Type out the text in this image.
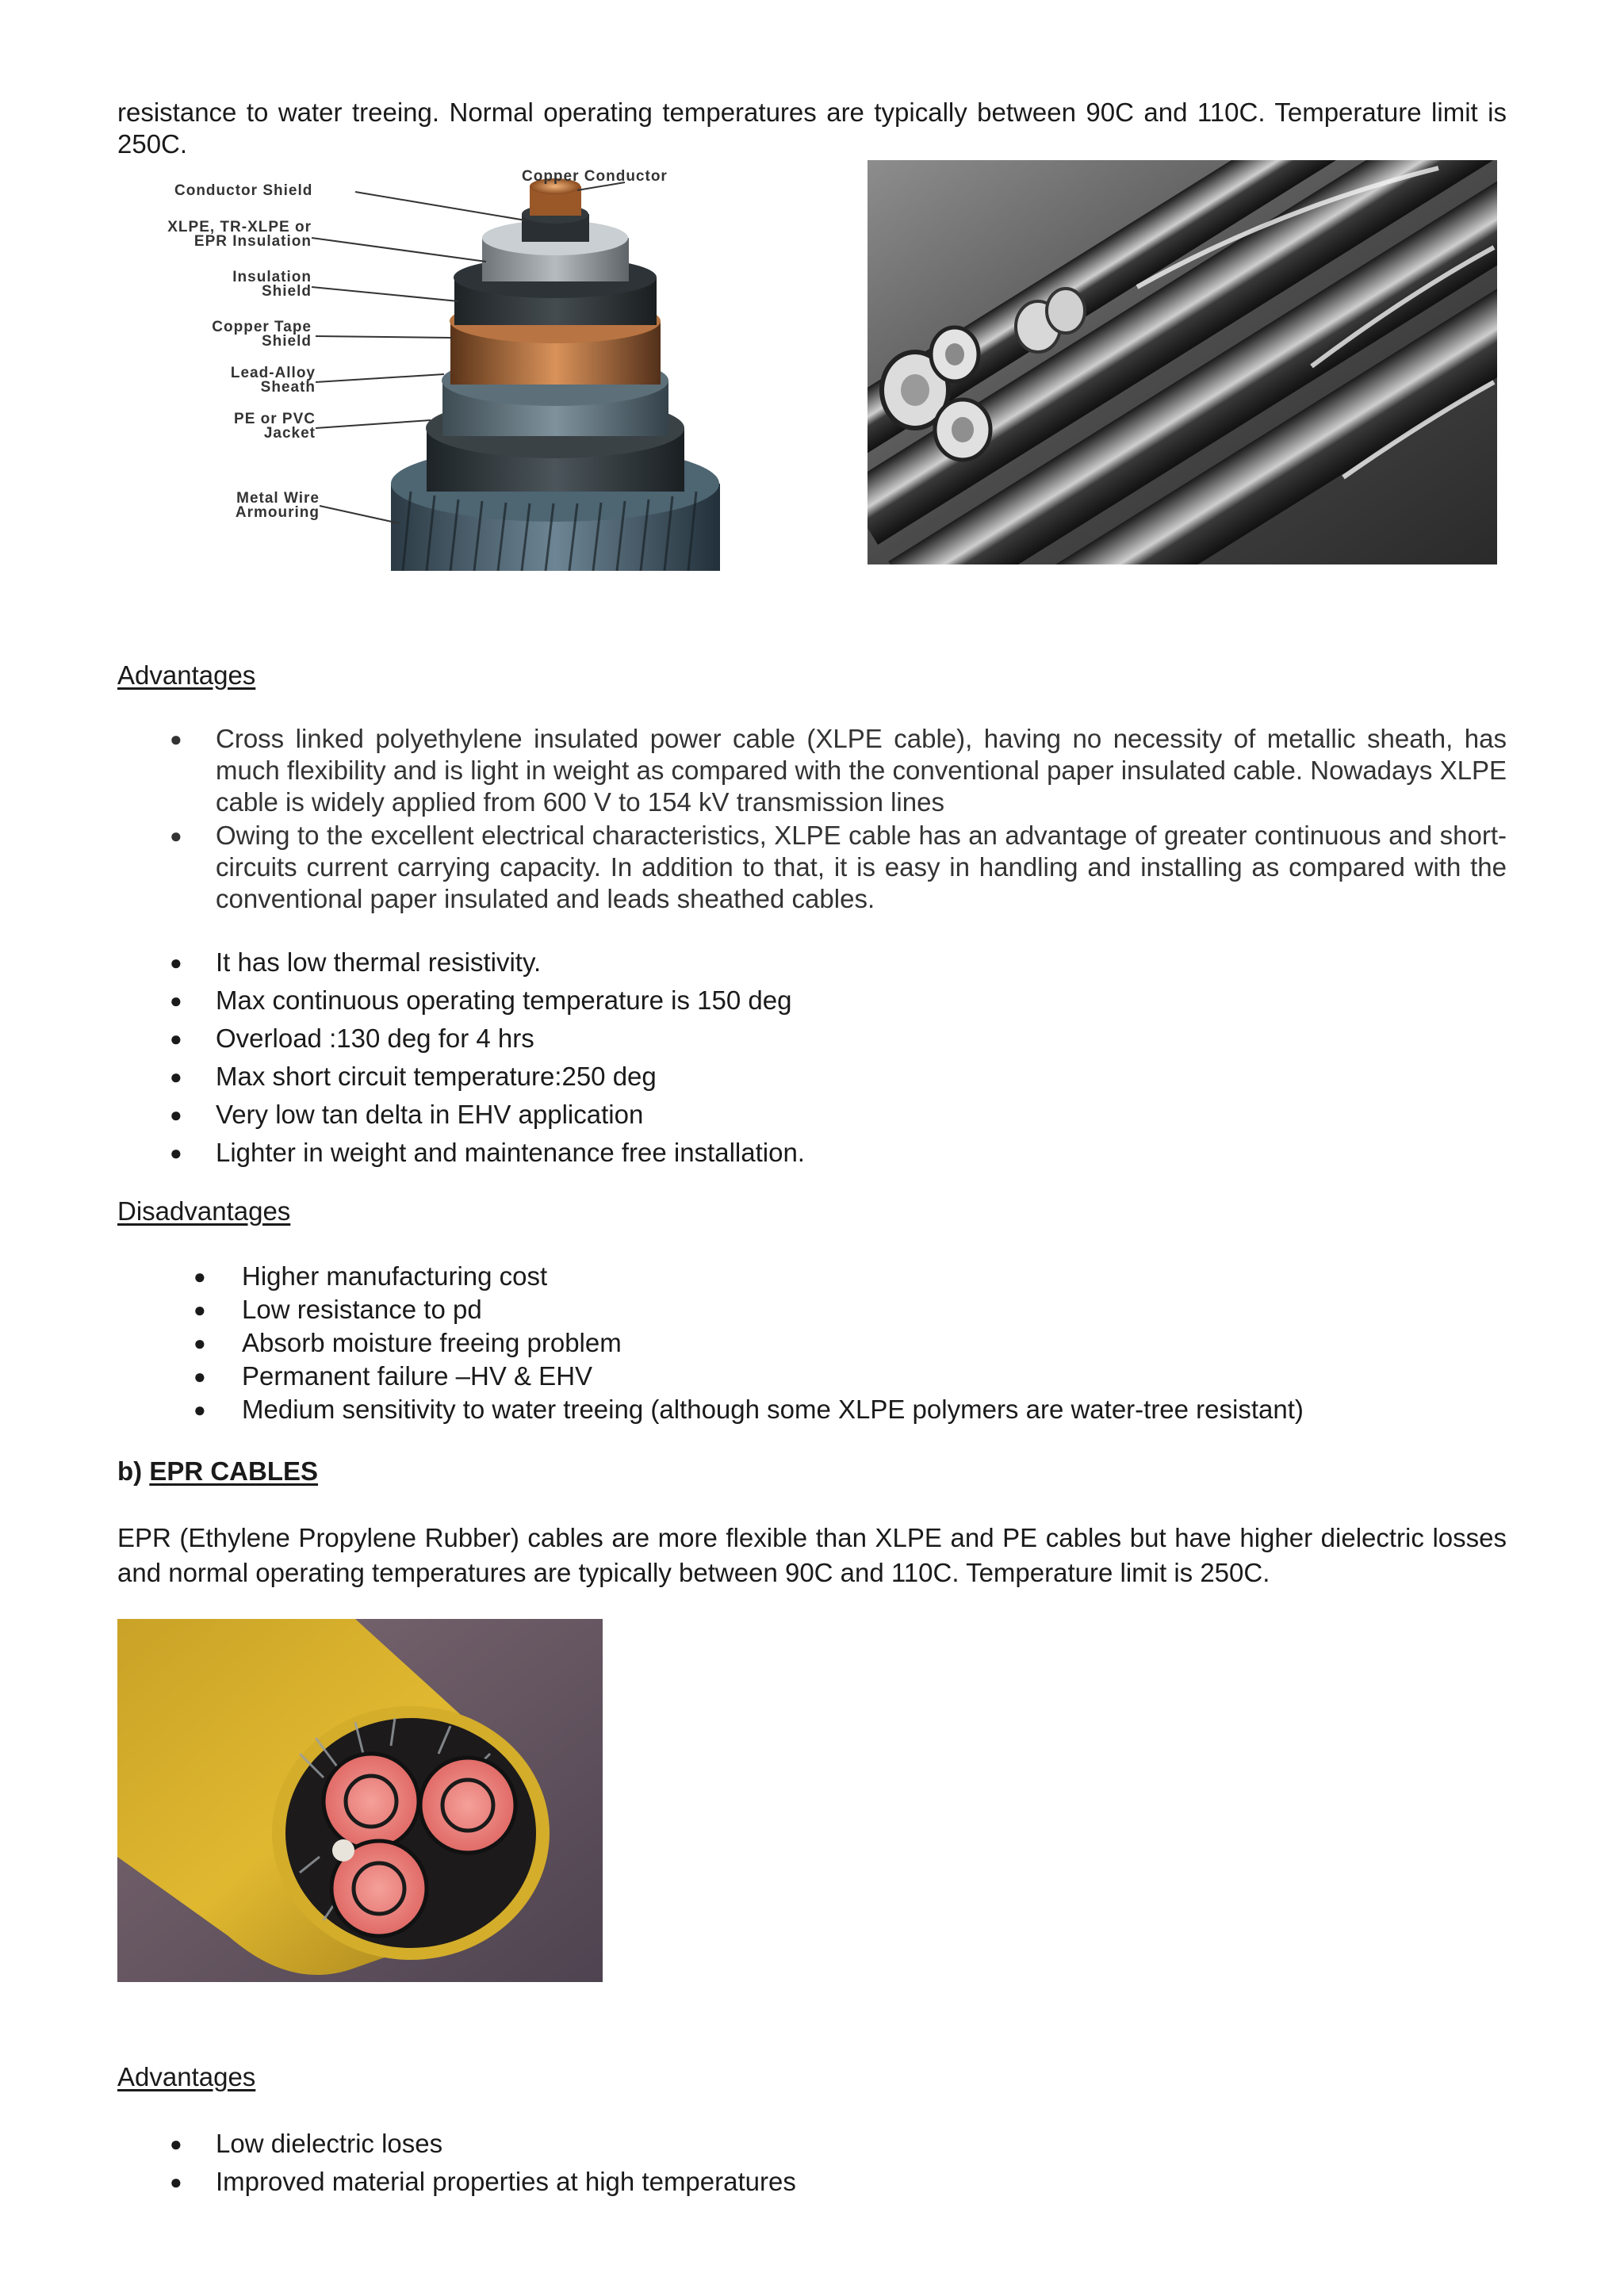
resistance to water treeing. Normal operating temperatures are typically between 90C and 110C. Temperature limit is 250C.

Copper Conductor
Conductor Shield
XLPE, TR-XLPE or
EPR Insulation
Insulation
Shield
Copper Tape
Shield
Lead-Alloy
Sheath
PE or PVC
Jacket
Metal Wire
Armouring
Advantages
● Cross linked polyethylene insulated power cable (XLPE cable), having no necessity of metallic sheath, has much flexibility and is light in weight as compared with the conventional paper insulated cable. Nowadays XLPE cable is widely applied from 600 V to 154 kV transmission lines
● Owing to the excellent electrical characteristics, XLPE cable has an advantage of greater continuous and short-circuits current carrying capacity. In addition to that, it is easy in handling and installing as compared with the conventional paper insulated and leads sheathed cables.
● It has low thermal resistivity.
● Max continuous operating temperature is 150 deg
● Overload :130 deg for 4 hrs
● Max short circuit temperature:250 deg
● Very low tan delta in EHV application
● Lighter in weight and maintenance free installation.
Disadvantages
● Higher manufacturing cost
● Low resistance to pd
● Absorb moisture freeing problem
● Permanent failure –HV & EHV
● Medium sensitivity to water treeing (although some XLPE polymers are water-tree resistant)
b) EPR CABLES

EPR (Ethylene Propylene Rubber) cables are more flexible than XLPE and PE cables but have higher dielectric losses and normal operating temperatures are typically between 90C and 110C. Temperature limit is 250C.

Advantages
● Low dielectric loses
● Improved material properties at high temperatures
